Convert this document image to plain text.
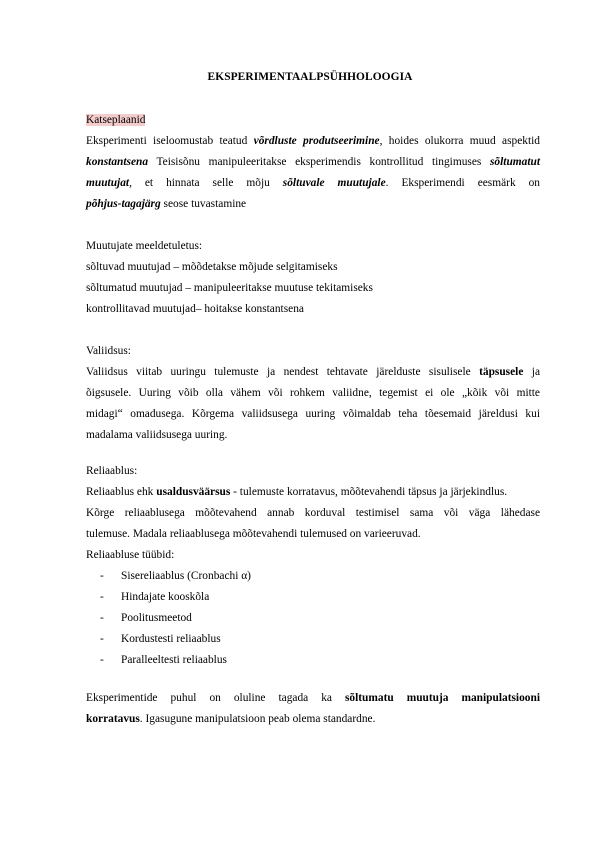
EKSPERIMENTAALPSÜHHOLOOGIA
Katseplaanid
Eksperimenti iseloomustab teatud võrdluste produtseerimine, hoides olukorra muud aspektid
konstantsena Teisisõnu manipuleeritakse eksperimendis kontrollitud tingimuses sõltumatut
muutujat, et hinnata selle mõju sõltuvale muutujale. Eksperimendi eesmärk on
põhjus-tagajärg seose tuvastamine
Muutujate meeldetuletus:
sõltuvad muutujad – mõõdetakse mõjude selgitamiseks
sõltumatud muutujad – manipuleeritakse muutuse tekitamiseks
kontrollitavad muutujad– hoitakse konstantsena
Valiidsus:
Valiidsus viitab uuringu tulemuste ja nendest tehtavate järelduste sisulisele täpsusele ja
õigsusele. Uuring võib olla vähem või rohkem valiidne, tegemist ei ole „kõik või mitte
midagi“ omadusega. Kõrgema valiidsusega uuring võimaldab teha tõesemaid järeldusi kui
madalama valiidsusega uuring.
Reliaablus:
Reliaablus ehk usaldusväärsus - tulemuste korratavus, mõõtevahendi täpsus ja järjekindlus.
Kõrge reliaablusega mõõtevahend annab korduval testimisel sama või väga lähedase
tulemuse. Madala reliaablusega mõõtevahendi tulemused on varieeruvad.
Reliaabluse tüübid:
- Sisereliaablus (Cronbachi α)
- Hindajate kooskõla
- Poolitusmeetod
- Kordustesti reliaablus
- Paralleeltesti reliaablus
Eksperimentide puhul on oluline tagada ka sõltumatu muutuja manipulatsiooni
korratavus. Igasugune manipulatsioon peab olema standardne.
